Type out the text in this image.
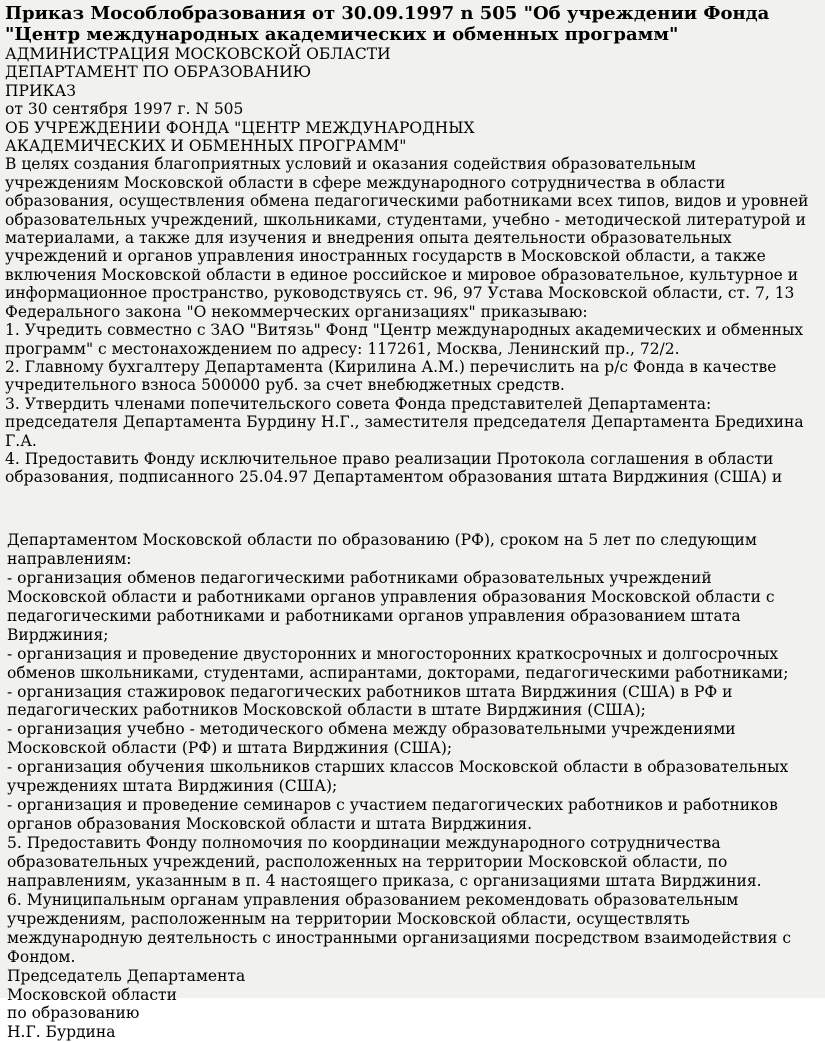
Приказ Мособлобразования от 30.09.1997 n 505 "Об учреждении Фонда
"Центр международных академических и обменных программ"
АДМИНИСТРАЦИЯ МОСКОВСКОЙ ОБЛАСТИ
ДЕПАРТАМЕНТ ПО ОБРАЗОВАНИЮ
ПРИКАЗ
от 30 сентября 1997 г. N 505
ОБ УЧРЕЖДЕНИИ ФОНДА "ЦЕНТР МЕЖДУНАРОДНЫХ
АКАДЕМИЧЕСКИХ И ОБМЕННЫХ ПРОГРАММ"
В целях создания благоприятных условий и оказания содействия образовательным
учреждениям Московской области в сфере международного сотрудничества в области
образования, осуществления обмена педагогическими работниками всех типов, видов и уровней
образовательных учреждений, школьниками, студентами, учебно - методической литературой и
материалами, а также для изучения и внедрения опыта деятельности образовательных
учреждений и органов управления иностранных государств в Московской области, а также
включения Московской области в единое российское и мировое образовательное, культурное и
информационное пространство, руководствуясь ст. 96, 97 Устава Московской области, ст. 7, 13
Федерального закона "О некоммерческих организациях" приказываю:
1. Учредить совместно с ЗАО "Витязь" Фонд "Центр международных академических и обменных
программ" с местонахождением по адресу: 117261, Москва, Ленинский пр., 72/2.
2. Главному бухгалтеру Департамента (Кирилина А.М.) перечислить на р/с Фонда в качестве
учредительного взноса 500000 руб. за счет внебюджетных средств.
3. Утвердить членами попечительского совета Фонда представителей Департамента:
председателя Департамента Бурдину Н.Г., заместителя председателя Департамента Бредихина
Г.А.
4. Предоставить Фонду исключительное право реализации Протокола соглашения в области
образования, подписанного 25.04.97 Департаментом образования штата Вирджиния (США) и
Департаментом Московской области по образованию (РФ), сроком на 5 лет по следующим
направлениям:
- организация обменов педагогическими работниками образовательных учреждений
Московской области и работниками органов управления образования Московской области с
педагогическими работниками и работниками органов управления образованием штата
Вирджиния;
- организация и проведение двусторонних и многосторонних краткосрочных и долгосрочных
обменов школьниками, студентами, аспирантами, докторами, педагогическими работниками;
- организация стажировок педагогических работников штата Вирджиния (США) в РФ и
педагогических работников Московской области в штате Вирджиния (США);
- организация учебно - методического обмена между образовательными учреждениями
Московской области (РФ) и штата Вирджиния (США);
- организация обучения школьников старших классов Московской области в образовательных
учреждениях штата Вирджиния (США);
- организация и проведение семинаров с участием педагогических работников и работников
органов образования Московской области и штата Вирджиния.
5. Предоставить Фонду полномочия по координации международного сотрудничества
образовательных учреждений, расположенных на территории Московской области, по
направлениям, указанным в п. 4 настоящего приказа, с организациями штата Вирджиния.
6. Муниципальным органам управления образованием рекомендовать образовательным
учреждениям, расположенным на территории Московской области, осуществлять
международную деятельность с иностранными организациями посредством взаимодействия с
Фондом.
Председатель Департамента
Московской области
по образованию
Н.Г. Бурдина
